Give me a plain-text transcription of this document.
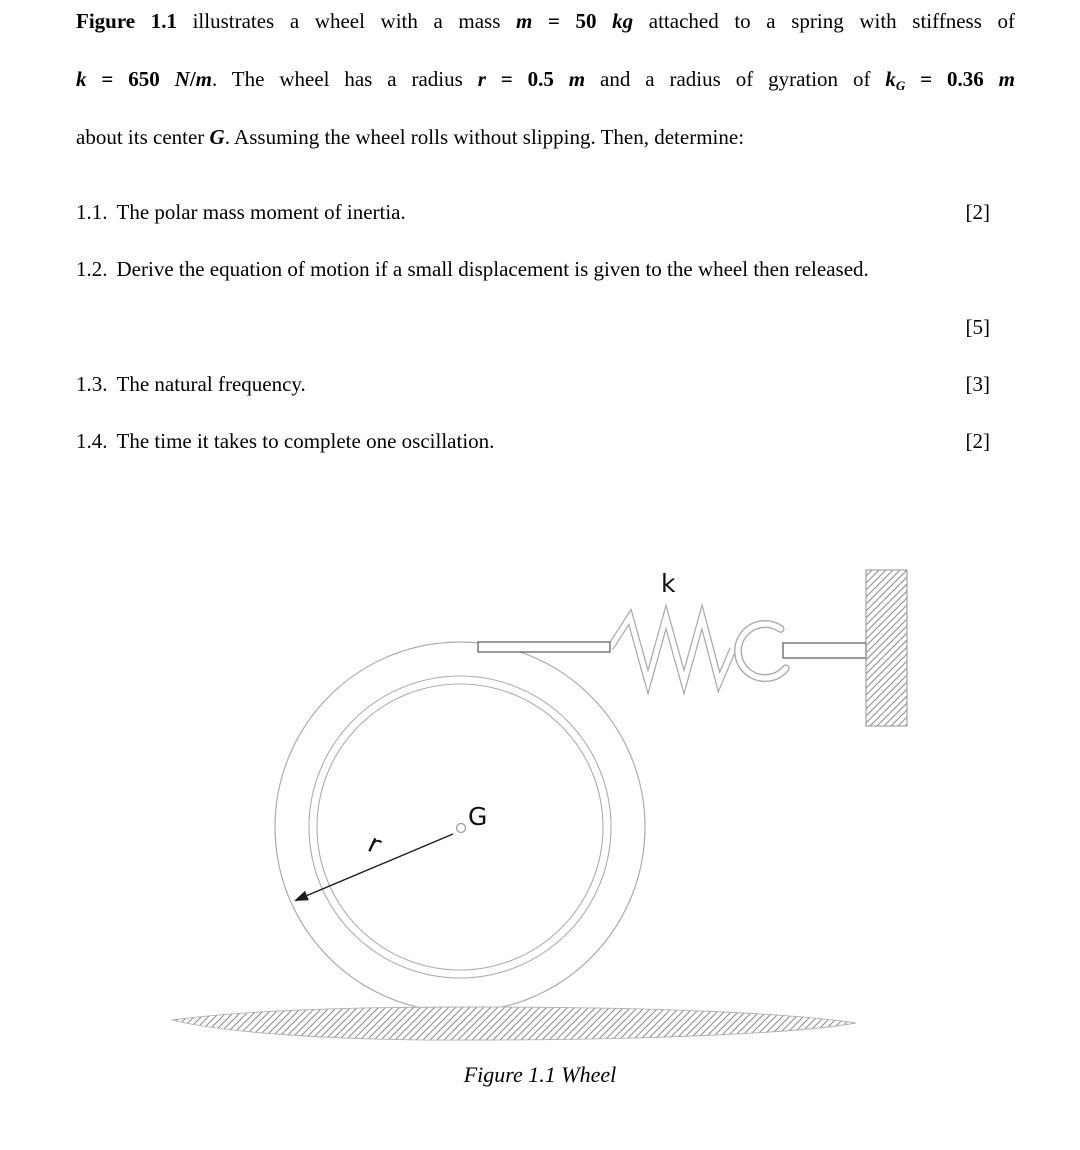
Figure 1.1 illustrates a wheel with a mass m = 50 kg attached to a spring with stiffness of
k = 650 N/m. The wheel has a radius r = 0.5 m and a radius of gyration of kG = 0.36 m
about its center G. Assuming the wheel rolls without slipping. Then, determine:
1.1. The polar mass moment of inertia.	[2]
1.2. Derive the equation of motion if a small displacement is given to the wheel then released.
[5]
1.3. The natural frequency.	[3]
1.4. The time it takes to complete one oscillation.	[2]
k
G
r
Figure 1.1 Wheel
